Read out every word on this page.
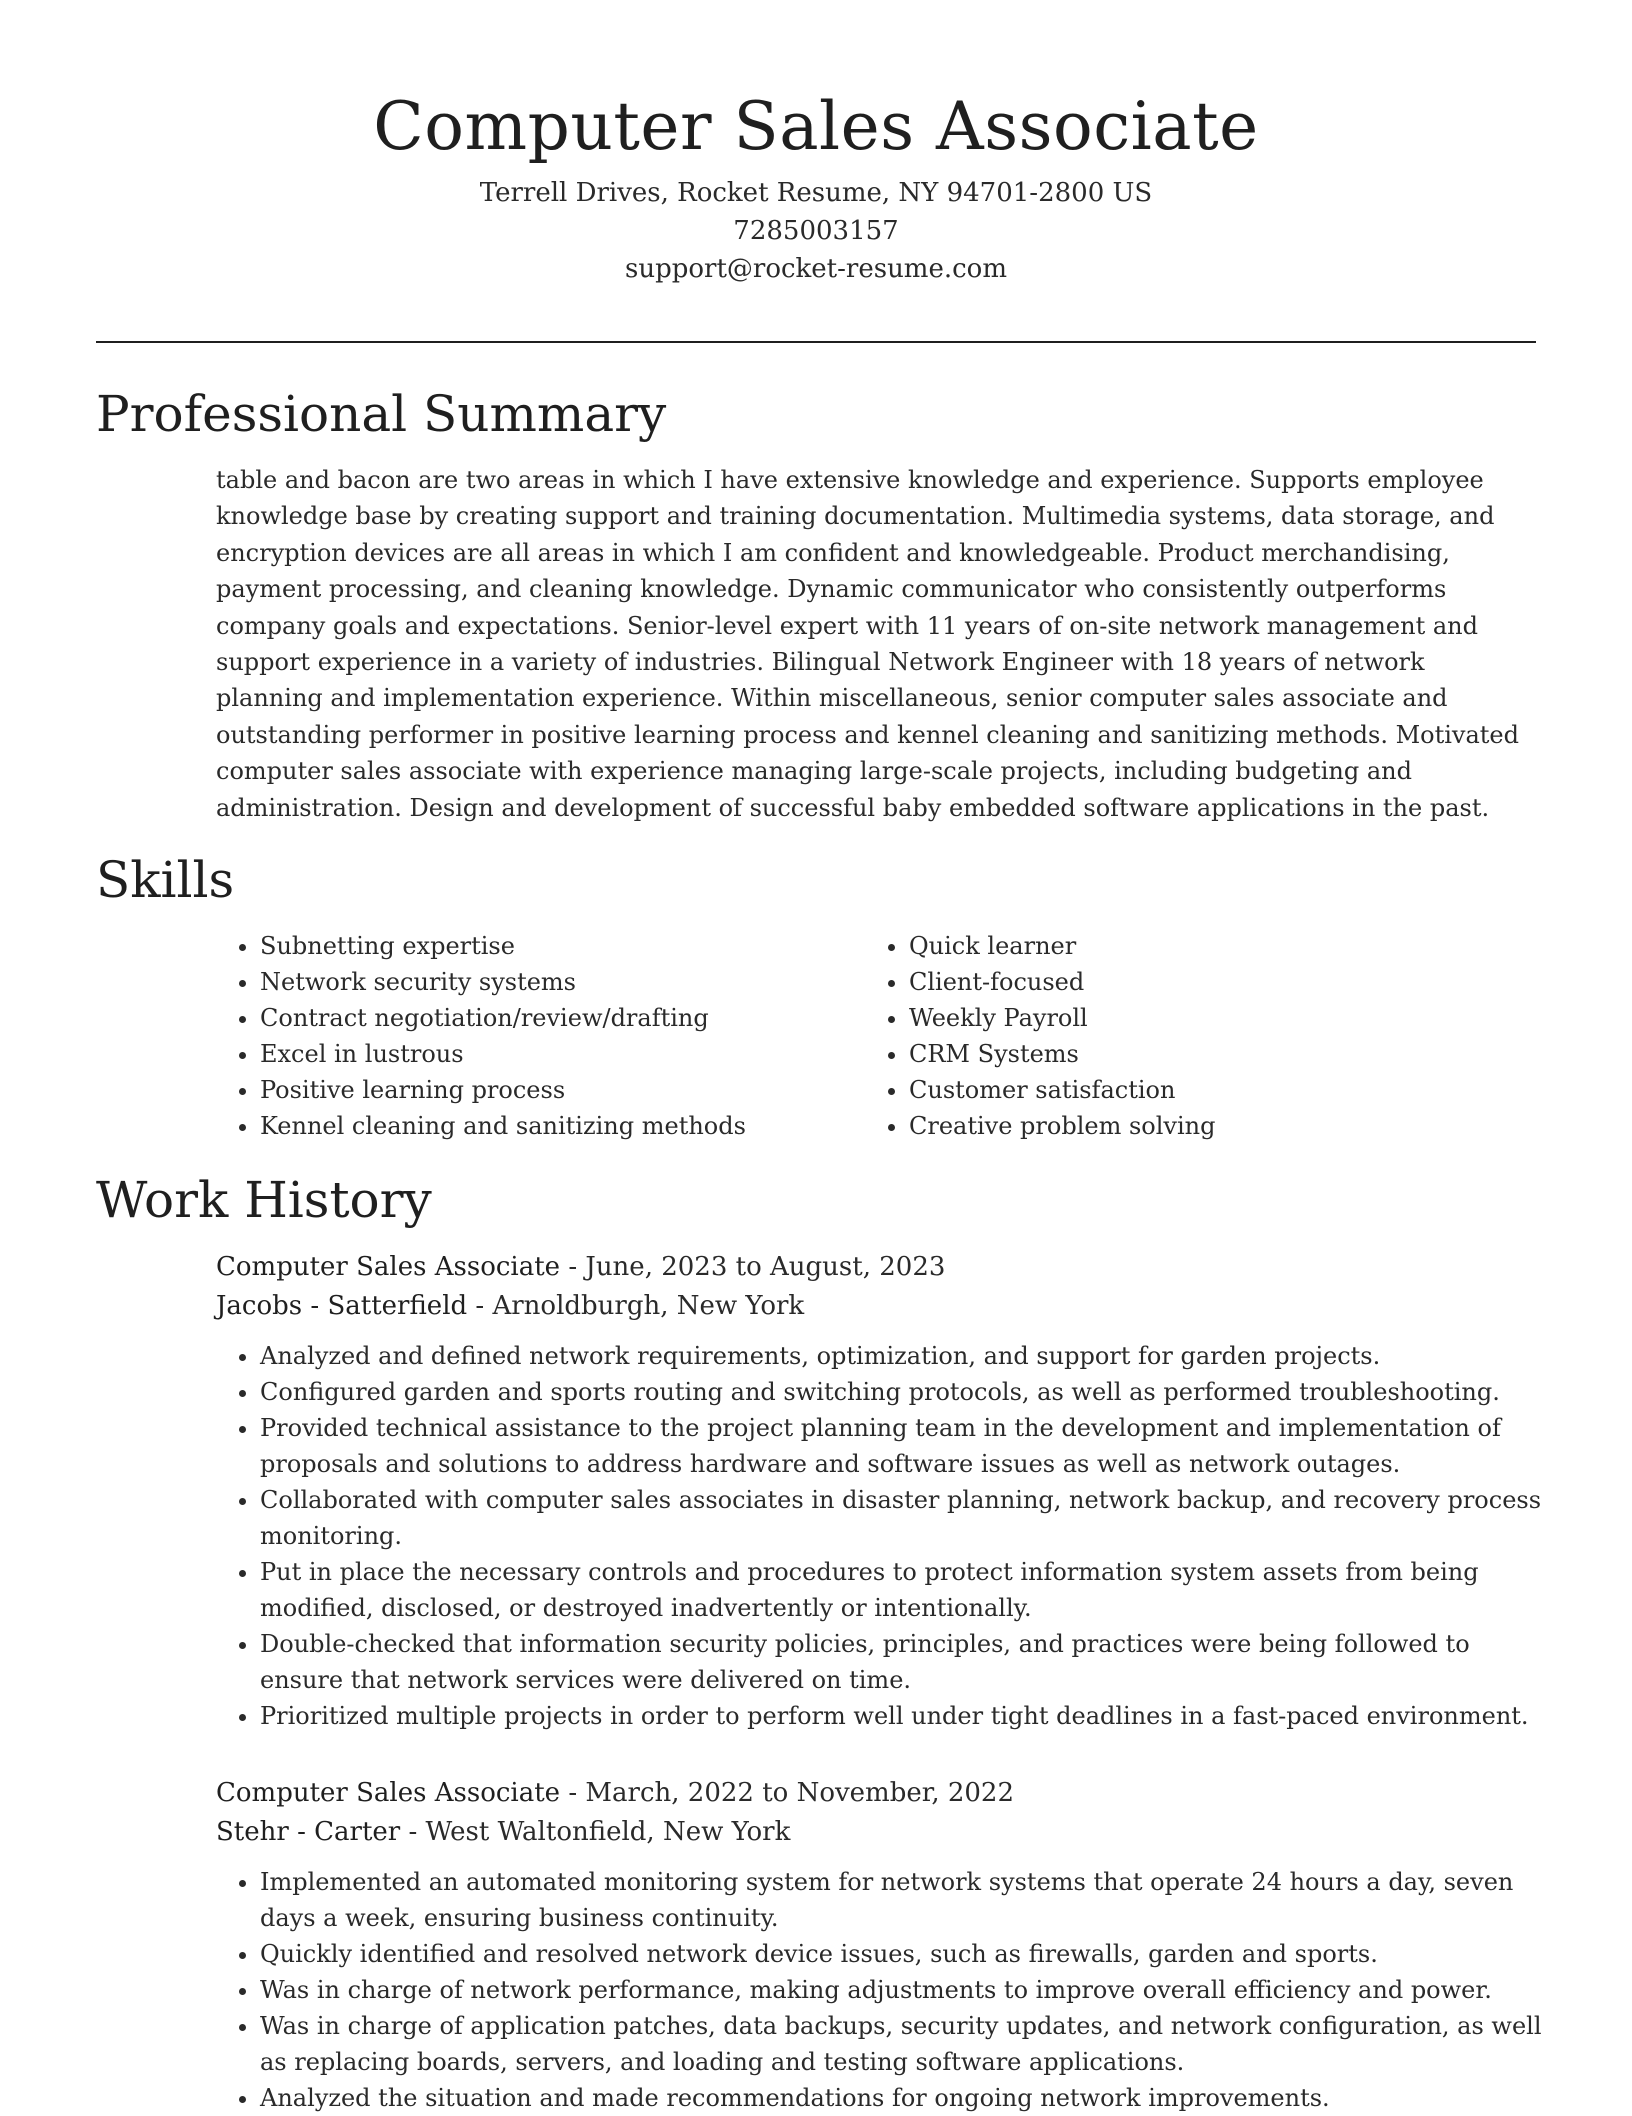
Computer Sales Associate
Terrell Drives, Rocket Resume, NY 94701-2800 US
7285003157
support@rocket-resume.com
Professional Summary

table and bacon are two areas in which I have extensive knowledge and experience. Supports employee knowledge base by creating support and training documentation. Multimedia systems, data storage, and encryption devices are all areas in which I am confident and knowledgeable. Product merchandising, payment processing, and cleaning knowledge. Dynamic communicator who consistently outperforms company goals and expectations. Senior-level expert with 11 years of on-site network management and support experience in a variety of industries. Bilingual Network Engineer with 18 years of network planning and implementation experience. Within miscellaneous, senior computer sales associate and outstanding performer in positive learning process and kennel cleaning and sanitizing methods. Motivated computer sales associate with experience managing large-scale projects, including budgeting and administration. Design and development of successful baby embedded software applications in the past.

Skills
• Subnetting expertise
• Network security systems
• Contract negotiation/review/drafting
• Excel in lustrous
• Positive learning process
• Kennel cleaning and sanitizing methods
• Quick learner
• Client-focused
• Weekly Payroll
• CRM Systems
• Customer satisfaction
• Creative problem solving
Work History
Computer Sales Associate - June, 2023 to August, 2023
Jacobs - Satterfield - Arnoldburgh, New York
• Analyzed and defined network requirements, optimization, and support for garden projects.
• Configured garden and sports routing and switching protocols, as well as performed troubleshooting.
• Provided technical assistance to the project planning team in the development and implementation of proposals and solutions to address hardware and software issues as well as network outages.
• Collaborated with computer sales associates in disaster planning, network backup, and recovery process monitoring.
• Put in place the necessary controls and procedures to protect information system assets from being modified, disclosed, or destroyed inadvertently or intentionally.
• Double-checked that information security policies, principles, and practices were being followed to ensure that network services were delivered on time.
• Prioritized multiple projects in order to perform well under tight deadlines in a fast-paced environment.
Computer Sales Associate - March, 2022 to November, 2022
Stehr - Carter - West Waltonfield, New York
• Implemented an automated monitoring system for network systems that operate 24 hours a day, seven days a week, ensuring business continuity.
• Quickly identified and resolved network device issues, such as firewalls, garden and sports.
• Was in charge of network performance, making adjustments to improve overall efficiency and power.
• Was in charge of application patches, data backups, security updates, and network configuration, as well as replacing boards, servers, and loading and testing software applications.
• Analyzed the situation and made recommendations for ongoing network improvements.
